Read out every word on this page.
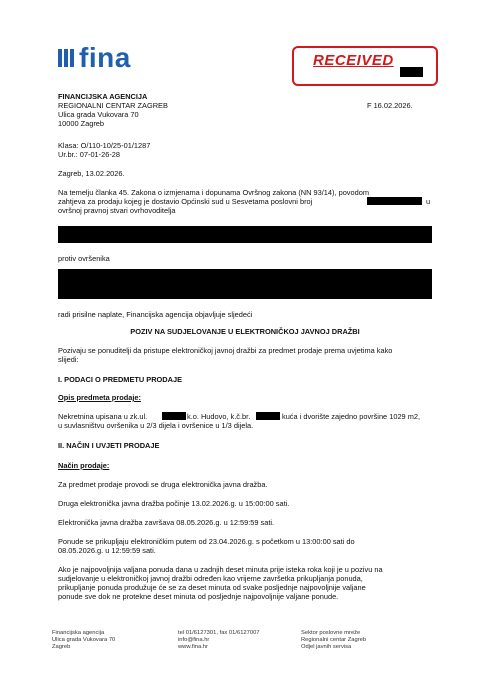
fina	RECEIVED
FINANCIJSKA AGENCIJA
REGIONALNI CENTAR ZAGREB
Ulica grada Vukovara 70
10000 Zagreb
F 16.02.2026.
Klasa: O/110-10/25-01/1287
Ur.br.: 07-01-26-28
Zagreb, 13.02.2026.
Na temelju članka 45. Zakona o izmjenama i dopunama Ovršnog zakona (NN 93/14), povodom
zahtjeva za prodaju kojeg je dostavio Općinski sud u Sesvetama poslovni broj	u
ovršnoj pravnoj stvari ovrhovoditelja
protiv ovršenika
radi prisilne naplate, Financijska agencija objavljuje sljedeći
POZIV NA SUDJELOVANJE U ELEKTRONIČKOJ JAVNOJ DRAŽBI
Pozivaju se ponuditelji da pristupe elektroničkoj javnoj dražbi za predmet prodaje prema uvjetima kako
slijedi:
I. PODACI O PREDMETU PRODAJE
Opis predmeta prodaje:
Nekretnina upisana u zk.ul.	k.o. Hudovo, k.č.br.	kuća i dvorište zajedno površine 1029 m2,
u suvlasništvu ovršenika u 2/3 dijela i ovršenice u 1/3 dijela.
II. NAČIN I UVJETI PRODAJE
Način prodaje:
Za predmet prodaje provodi se druga elektronička javna dražba.
Druga elektronička javna dražba počinje 13.02.2026.g. u 15:00:00 sati.
Elektronička javna dražba završava 08.05.2026.g. u 12:59:59 sati.
Ponude se prikupljaju elektroničkim putem od 23.04.2026.g. s početkom u 13:00:00 sati do
08.05.2026.g. u 12:59:59 sati.
Ako je najpovoljnija valjana ponuda dana u zadnjih deset minuta prije isteka roka koji je u pozivu na
sudjelovanje u elektroničkoj javnoj dražbi određen kao vrijeme završetka prikupljanja ponuda,
prikupljanje ponuda produžuje će se za deset minuta od svake posljednje najpovoljnije valjane
ponude sve dok ne protekne deset minuta od posljednje najpovoljnije valjane ponude.
Financijska agencija
Ulica grada Vukovara 70
Zagreb
tel 01/6127301, fax 01/6127007
info@fina.hr
www.fina.hr
Sektor poslovne mreže
Regionalni centar Zagreb
Odjel javnih servisa
